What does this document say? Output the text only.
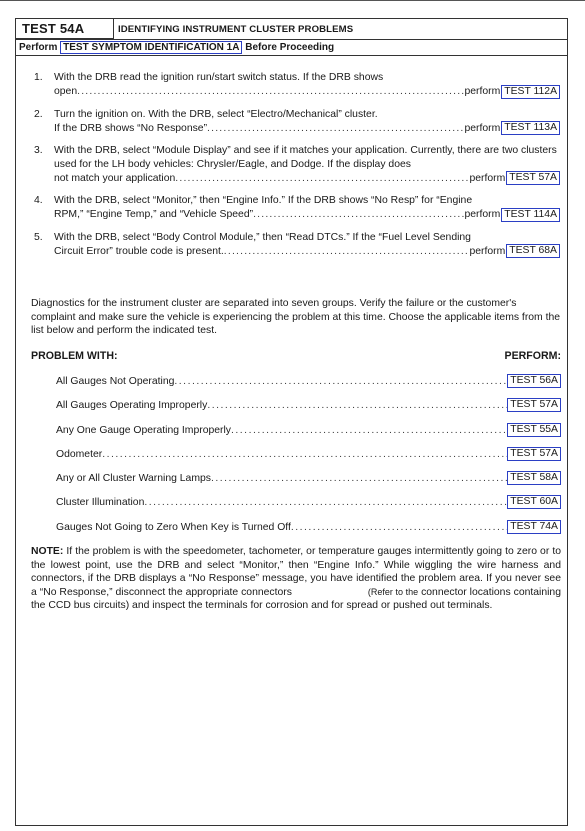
TEST 54A	IDENTIFYING INSTRUMENT CLUSTER PROBLEMS
Perform TEST SYMPTOM IDENTIFICATION 1A Before Proceeding
1. With the DRB read the ignition run/start switch status. If the DRB shows
open .....	perform TEST 112A
2. Turn the ignition on. With the DRB, select “Electro/Mechanical” cluster.
If the DRB shows “No Response” .....	perform TEST 113A
3. With the DRB, select “Module Display” and see if it matches your application. Currently, there are two clusters used for the LH body vehicles: Chrysler/Eagle, and Dodge. If the display does
not match your application .....	perform TEST 57A
4. With the DRB, select “Monitor,” then “Engine Info.” If the DRB shows “No Resp” for “Engine
RPM,” “Engine Temp,” and “Vehicle Speed” .....	perform TEST 114A
5. With the DRB, select “Body Control Module,” then “Read DTCs.” If the “Fuel Level Sending
Circuit Error” trouble code is present. .....	perform TEST 68A
Diagnostics for the instrument cluster are separated into seven groups. Verify the failure or the customer's complaint and make sure the vehicle is experiencing the problem at this time. Choose the applicable items from the list below and perform the indicated test.
PROBLEM WITH:	PERFORM:
All Gauges Not Operating .....	TEST 56A
All Gauges Operating Improperly .....	TEST 57A
Any One Gauge Operating Improperly .....	TEST 55A
Odometer .....	TEST 57A
Any or All Cluster Warning Lamps .....	TEST 58A
Cluster Illumination .....	TEST 60A
Gauges Not Going to Zero When Key is Turned Off .....	TEST 74A
NOTE: If the problem is with the speedometer, tachometer, or temperature gauges intermittently going to zero or to the lowest point, use the DRB and select “Monitor,” then “Engine Info.” While wiggling the wire harness and connectors, if the DRB displays a “No Response” message, you have identified the problem area. If you never see a “No Response,” disconnect the appropriate connectors	(Refer to the connector locations containing the CCD bus circuits) and inspect the terminals for corrosion and for spread or pushed out terminals.
